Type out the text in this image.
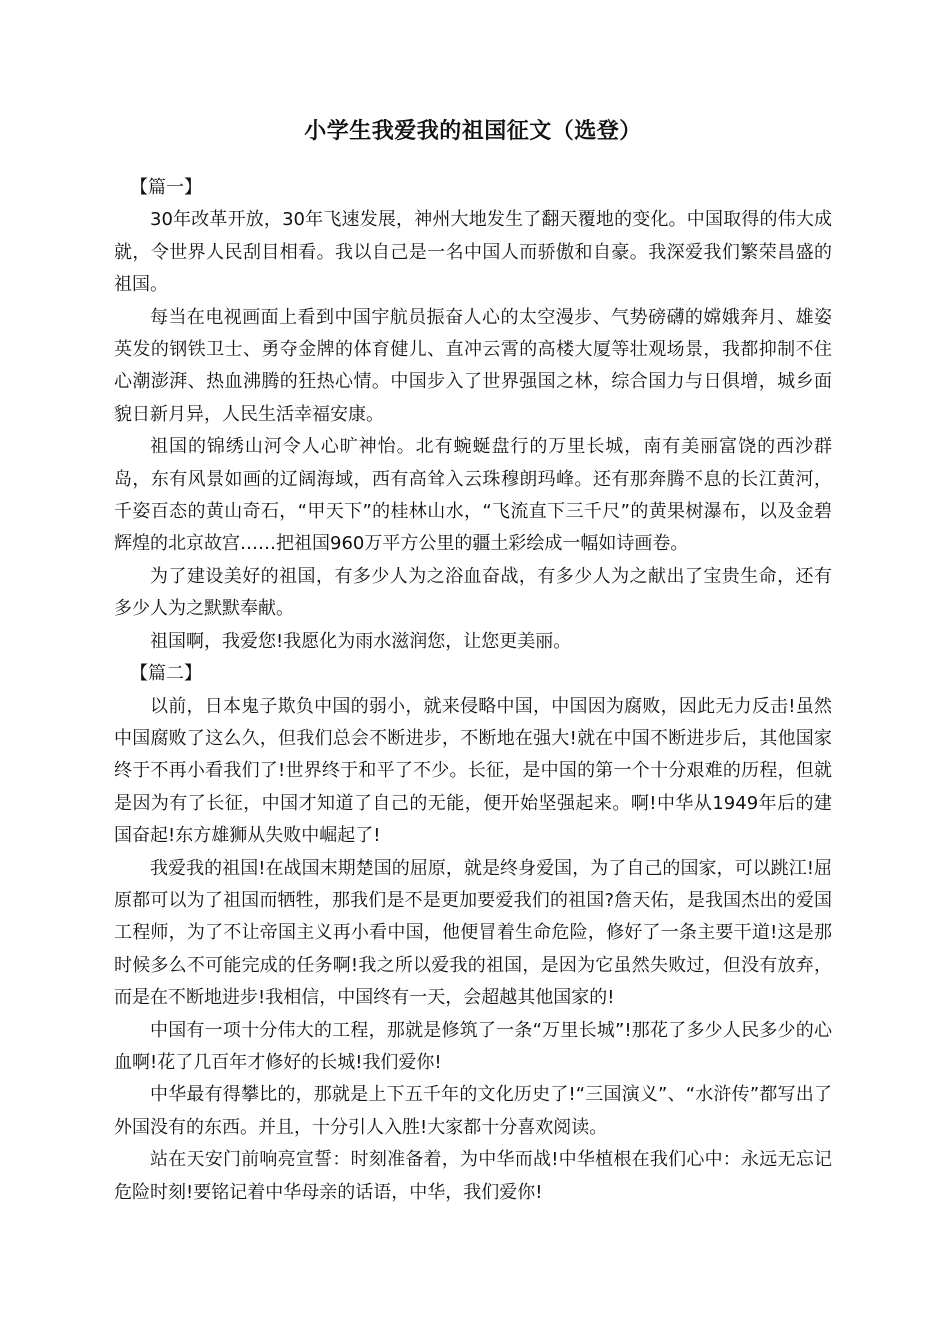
小学生我爱我的祖国征文（选登）

【篇一】

30年改革开放，30年飞速发展，神州大地发生了翻天覆地的变化。中国取得的伟大成就，令世界人民刮目相看。我以自己是一名中国人而骄傲和自豪。我深爱我们繁荣昌盛的祖国。

每当在电视画面上看到中国宇航员振奋人心的太空漫步、气势磅礴的嫦娥奔月、雄姿英发的钢铁卫士、勇夺金牌的体育健儿、直冲云霄的高楼大厦等壮观场景，我都抑制不住心潮澎湃、热血沸腾的狂热心情。中国步入了世界强国之林，综合国力与日俱增，城乡面貌日新月异，人民生活幸福安康。

祖国的锦绣山河令人心旷神怡。北有蜿蜒盘行的万里长城，南有美丽富饶的西沙群岛，东有风景如画的辽阔海域，西有高耸入云珠穆朗玛峰。还有那奔腾不息的长江黄河，千姿百态的黄山奇石，“甲天下”的桂林山水，“飞流直下三千尺”的黄果树瀑布，以及金碧辉煌的北京故宫……把祖国960万平方公里的疆土彩绘成一幅如诗画卷。

为了建设美好的祖国，有多少人为之浴血奋战，有多少人为之献出了宝贵生命，还有多少人为之默默奉献。

祖国啊，我爱您!我愿化为雨水滋润您，让您更美丽。

【篇二】

以前，日本鬼子欺负中国的弱小，就来侵略中国，中国因为腐败，因此无力反击!虽然中国腐败了这么久，但我们总会不断进步，不断地在强大!就在中国不断进步后，其他国家终于不再小看我们了!世界终于和平了不少。长征，是中国的第一个十分艰难的历程，但就是因为有了长征，中国才知道了自己的无能，便开始坚强起来。啊!中华从1949年后的建国奋起!东方雄狮从失败中崛起了!

我爱我的祖国!在战国末期楚国的屈原，就是终身爱国，为了自己的国家，可以跳江!屈原都可以为了祖国而牺牲，那我们是不是更加要爱我们的祖国?詹天佑，是我国杰出的爱国工程师，为了不让帝国主义再小看中国，他便冒着生命危险，修好了一条主要干道!这是那时候多么不可能完成的任务啊!我之所以爱我的祖国，是因为它虽然失败过，但没有放弃，而是在不断地进步!我相信，中国终有一天，会超越其他国家的!

中国有一项十分伟大的工程，那就是修筑了一条“万里长城”!那花了多少人民多少的心血啊!花了几百年才修好的长城!我们爱你!

中华最有得攀比的，那就是上下五千年的文化历史了!“三国演义”、“水浒传”都写出了外国没有的东西。并且，十分引人入胜!大家都十分喜欢阅读。

站在天安门前响亮宣誓：时刻准备着，为中华而战!中华植根在我们心中：永远无忘记危险时刻!要铭记着中华母亲的话语，中华，我们爱你!
